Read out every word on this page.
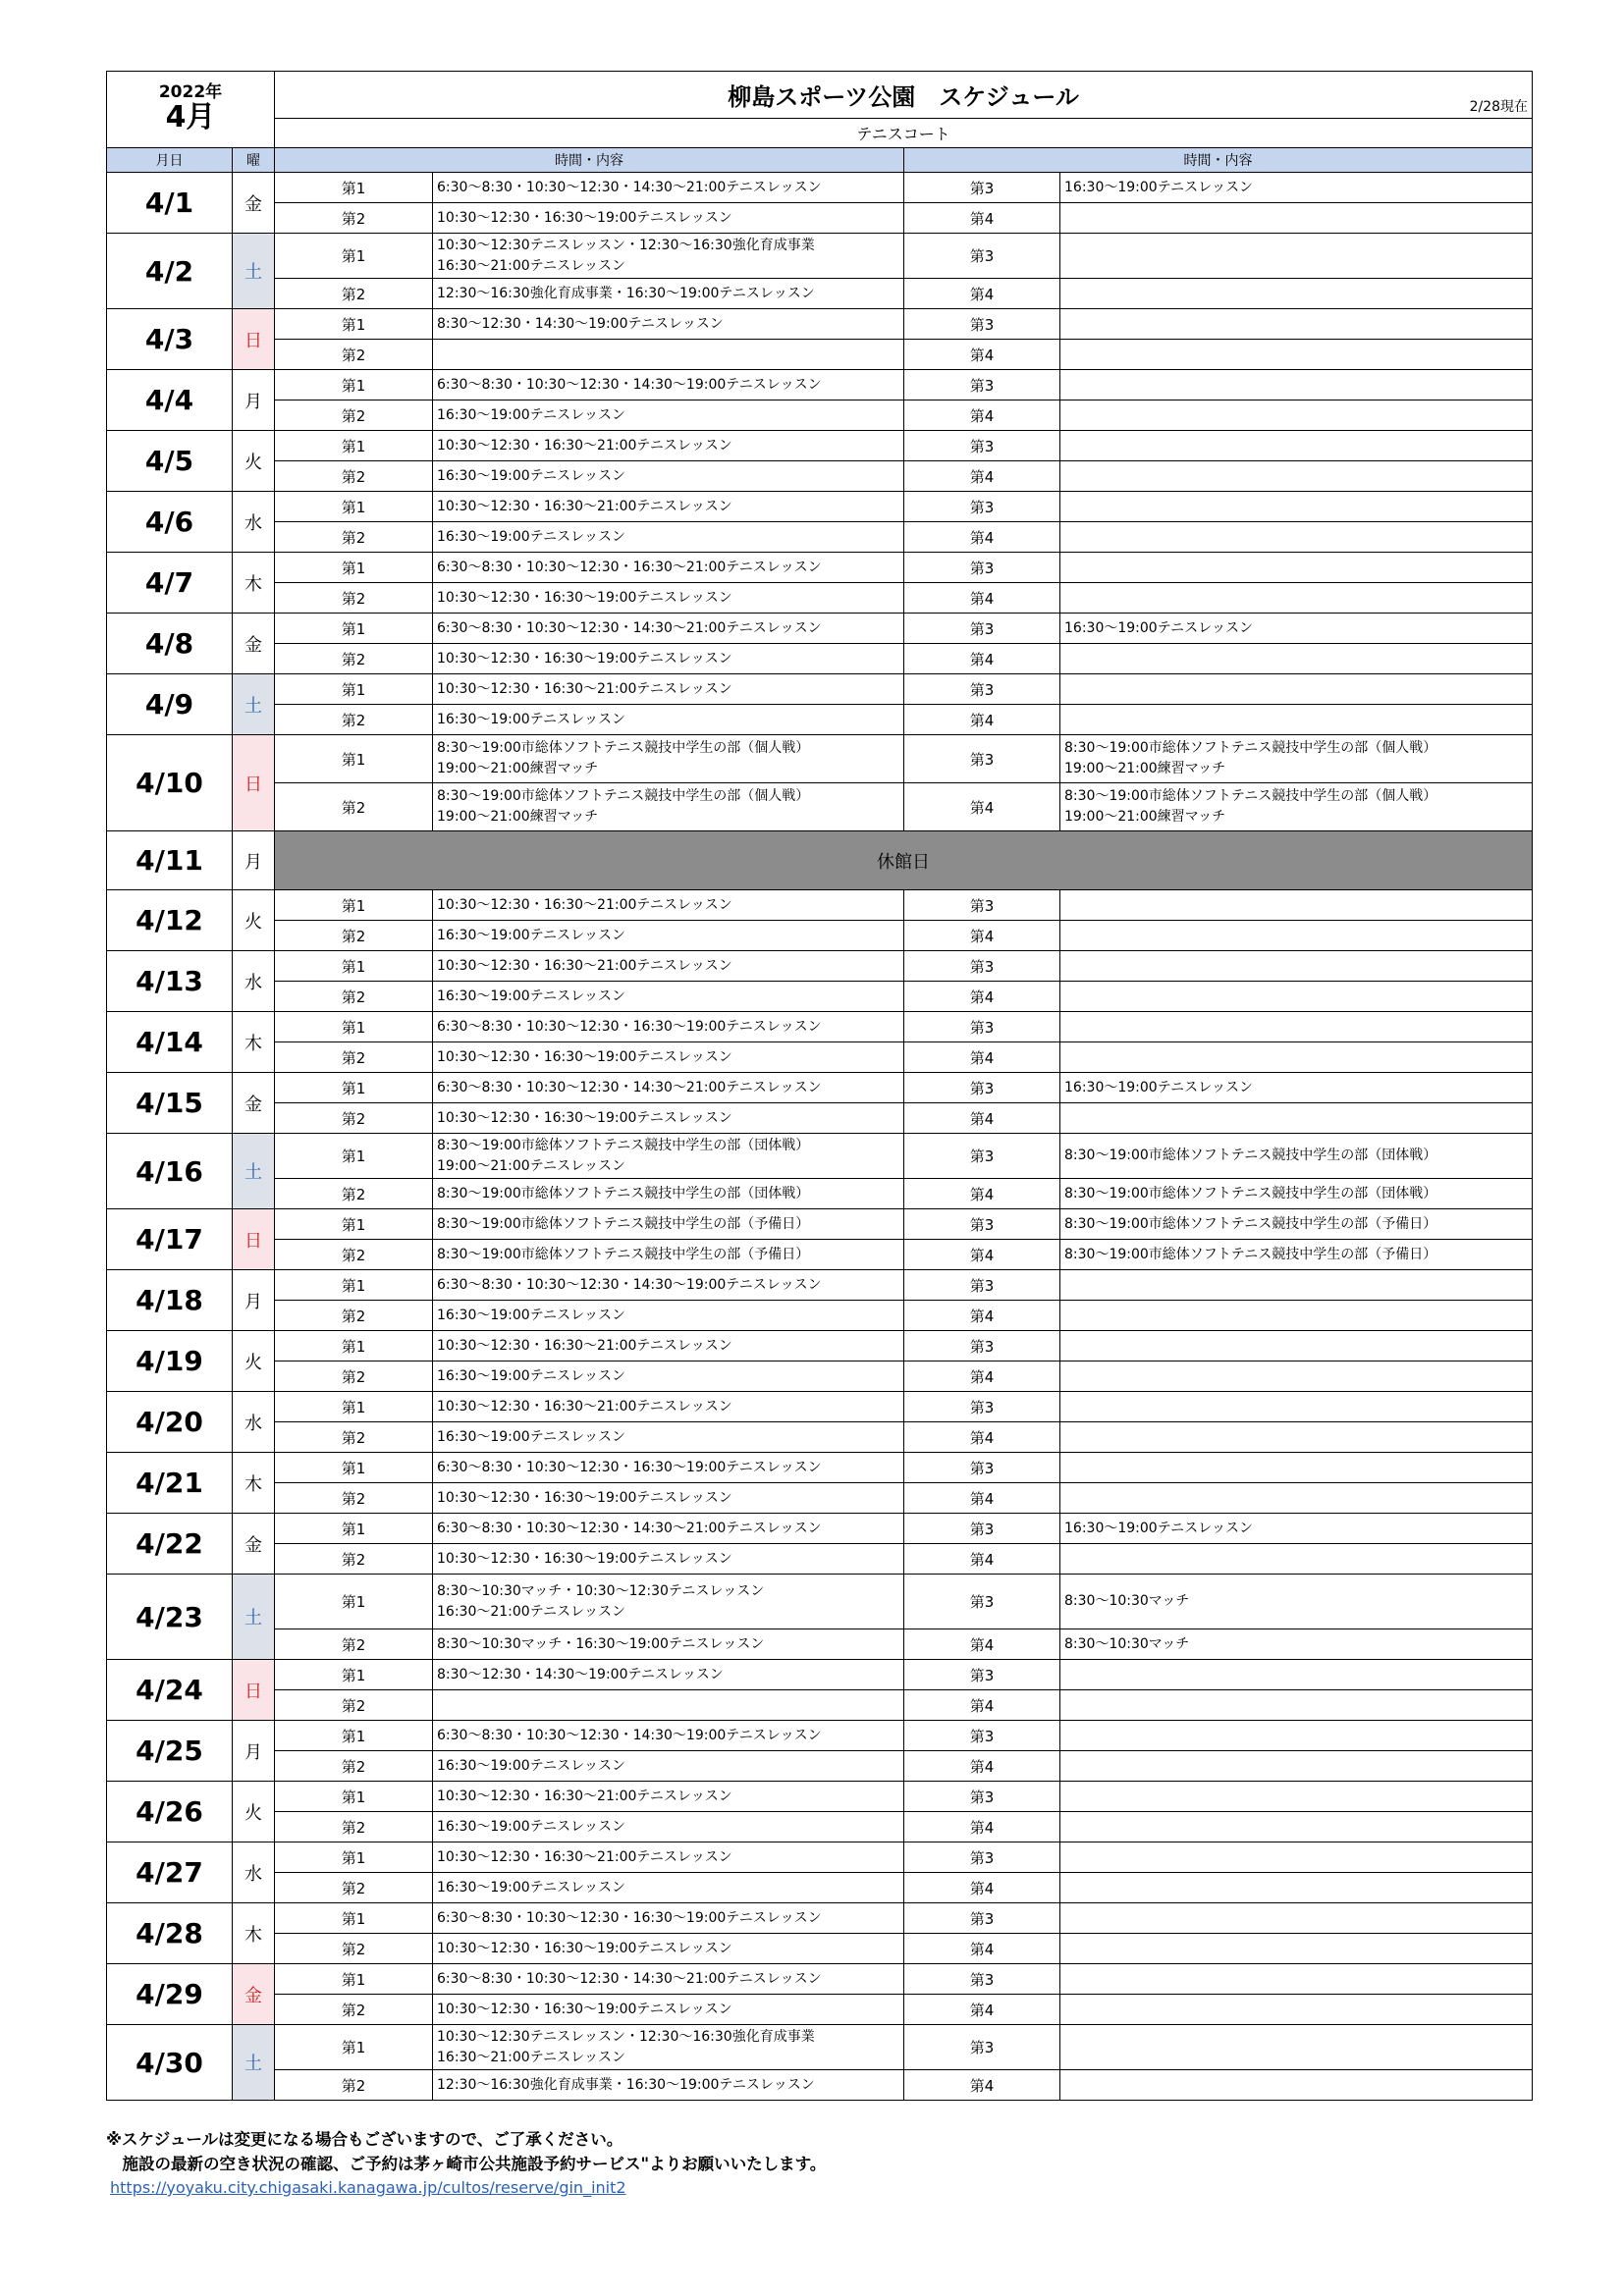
2022年
4月		柳島スポーツ公園　スケジュール 2/28現在			

		テニスコート			
月日	曜	時間・内容		時間・内容	
4/1	金	第1	6:30～8:30・10:30～12:30・14:30～21:00テニスレッスン	第3	16:30～19:00テニスレッスン
		第2	10:30～12:30・16:30～19:00テニスレッスン	第4	
4/2	土	第1	10:30～12:30テニスレッスン・12:30～16:30強化育成事業
16:30～21:00テニスレッスン	第3	
		第2	12:30～16:30強化育成事業・16:30～19:00テニスレッスン	第4	
4/3	日	第1	8:30～12:30・14:30～19:00テニスレッスン	第3	
		第2		第4	
4/4	月	第1	6:30～8:30・10:30～12:30・14:30～19:00テニスレッスン	第3	
		第2	16:30～19:00テニスレッスン	第4	
4/5	火	第1	10:30～12:30・16:30～21:00テニスレッスン	第3	
		第2	16:30～19:00テニスレッスン	第4	
4/6	水	第1	10:30～12:30・16:30～21:00テニスレッスン	第3	
		第2	16:30～19:00テニスレッスン	第4	
4/7	木	第1	6:30～8:30・10:30～12:30・16:30～21:00テニスレッスン	第3	
		第2	10:30～12:30・16:30～19:00テニスレッスン	第4	
4/8	金	第1	6:30～8:30・10:30～12:30・14:30～21:00テニスレッスン	第3	16:30～19:00テニスレッスン
		第2	10:30～12:30・16:30～19:00テニスレッスン	第4	
4/9	土	第1	10:30～12:30・16:30～21:00テニスレッスン	第3	
		第2	16:30～19:00テニスレッスン	第4	
4/10	日	第1	8:30～19:00市総体ソフトテニス競技中学生の部（個人戦）
19:00～21:00練習マッチ	第3	8:30～19:00市総体ソフトテニス競技中学生の部（個人戦）
19:00～21:00練習マッチ
		第2	8:30～19:00市総体ソフトテニス競技中学生の部（個人戦）
19:00～21:00練習マッチ	第4	8:30～19:00市総体ソフトテニス競技中学生の部（個人戦）
19:00～21:00練習マッチ
4/11	月	休館日			
4/12	火	第1	10:30～12:30・16:30～21:00テニスレッスン	第3	
		第2	16:30～19:00テニスレッスン	第4	
4/13	水	第1	10:30～12:30・16:30～21:00テニスレッスン	第3	
		第2	16:30～19:00テニスレッスン	第4	
4/14	木	第1	6:30～8:30・10:30～12:30・16:30～19:00テニスレッスン	第3	
		第2	10:30～12:30・16:30～19:00テニスレッスン	第4	
4/15	金	第1	6:30～8:30・10:30～12:30・14:30～21:00テニスレッスン	第3	16:30～19:00テニスレッスン
		第2	10:30～12:30・16:30～19:00テニスレッスン	第4	
4/16	土	第1	8:30～19:00市総体ソフトテニス競技中学生の部（団体戦）
19:00～21:00テニスレッスン	第3	8:30～19:00市総体ソフトテニス競技中学生の部（団体戦）
		第2	8:30～19:00市総体ソフトテニス競技中学生の部（団体戦）	第4	8:30～19:00市総体ソフトテニス競技中学生の部（団体戦）
4/17	日	第1	8:30～19:00市総体ソフトテニス競技中学生の部（予備日）	第3	8:30～19:00市総体ソフトテニス競技中学生の部（予備日）
		第2	8:30～19:00市総体ソフトテニス競技中学生の部（予備日）	第4	8:30～19:00市総体ソフトテニス競技中学生の部（予備日）
4/18	月	第1	6:30～8:30・10:30～12:30・14:30～19:00テニスレッスン	第3	
		第2	16:30～19:00テニスレッスン	第4	
4/19	火	第1	10:30～12:30・16:30～21:00テニスレッスン	第3	
		第2	16:30～19:00テニスレッスン	第4	
4/20	水	第1	10:30～12:30・16:30～21:00テニスレッスン	第3	
		第2	16:30～19:00テニスレッスン	第4	
4/21	木	第1	6:30～8:30・10:30～12:30・16:30～19:00テニスレッスン	第3	
		第2	10:30～12:30・16:30～19:00テニスレッスン	第4	
4/22	金	第1	6:30～8:30・10:30～12:30・14:30～21:00テニスレッスン	第3	16:30～19:00テニスレッスン
		第2	10:30～12:30・16:30～19:00テニスレッスン	第4	
4/23	土	第1	8:30～10:30マッチ・10:30～12:30テニスレッスン
16:30～21:00テニスレッスン	第3	8:30～10:30マッチ
		第2	8:30～10:30マッチ・16:30～19:00テニスレッスン	第4	8:30～10:30マッチ
4/24	日	第1	8:30～12:30・14:30～19:00テニスレッスン	第3	
		第2		第4	
4/25	月	第1	6:30～8:30・10:30～12:30・14:30～19:00テニスレッスン	第3	
		第2	16:30～19:00テニスレッスン	第4	
4/26	火	第1	10:30～12:30・16:30～21:00テニスレッスン	第3	
		第2	16:30～19:00テニスレッスン	第4	
4/27	水	第1	10:30～12:30・16:30～21:00テニスレッスン	第3	
		第2	16:30～19:00テニスレッスン	第4	
4/28	木	第1	6:30～8:30・10:30～12:30・16:30～19:00テニスレッスン	第3	
		第2	10:30～12:30・16:30～19:00テニスレッスン	第4	
4/29	金	第1	6:30～8:30・10:30～12:30・14:30～21:00テニスレッスン	第3	
		第2	10:30～12:30・16:30～19:00テニスレッスン	第4	
4/30	土	第1	10:30～12:30テニスレッスン・12:30～16:30強化育成事業
16:30～21:00テニスレッスン	第3	
		第2	12:30～16:30強化育成事業・16:30～19:00テニスレッスン	第4	
※スケジュールは変更になる場合もございますので、ご了承ください。
　施設の最新の空き状況の確認、ご予約は茅ヶ崎市公共施設予約サービス"よりお願いいたします。
https://yoyaku.city.chigasaki.kanagawa.jp/cultos/reserve/gin_init2
